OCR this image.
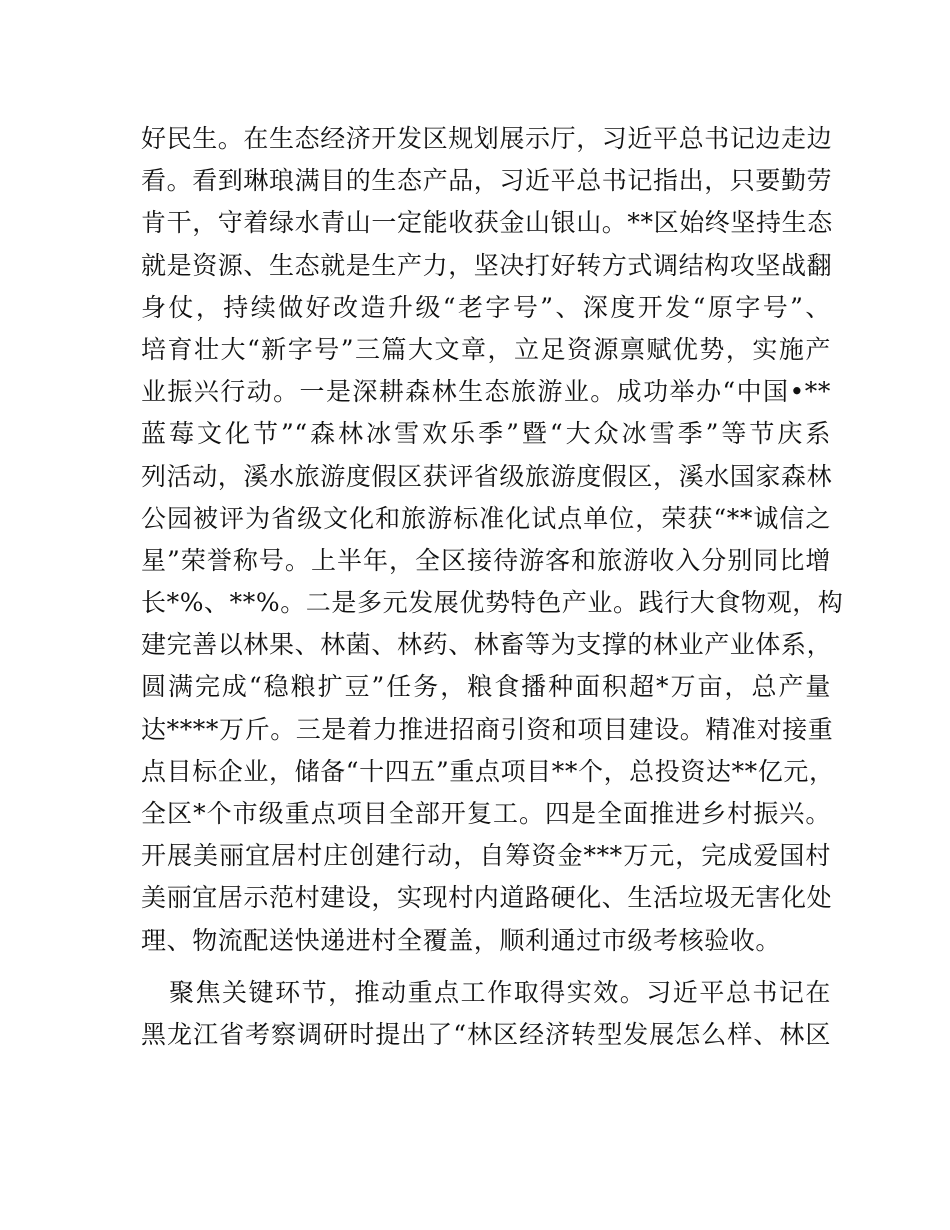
好民生。在生态经济开发区规划展示厅，习近平总书记边走边
看。看到琳琅满目的生态产品，习近平总书记指出，只要勤劳
肯干，守着绿水青山一定能收获金山银山。**区始终坚持生态
就是资源、生态就是生产力，坚决打好转方式调结构攻坚战翻
身仗，持续做好改造升级“老字号”、深度开发“原字号”、
培育壮大“新字号”三篇大文章，立足资源禀赋优势，实施产
业振兴行动。一是深耕森林生态旅游业。成功举办“中国•**
蓝莓文化节”“森林冰雪欢乐季”暨“大众冰雪季”等节庆系
列活动，溪水旅游度假区获评省级旅游度假区，溪水国家森林
公园被评为省级文化和旅游标准化试点单位，荣获“**诚信之
星”荣誉称号。上半年，全区接待游客和旅游收入分别同比增
长*%、**%。二是多元发展优势特色产业。践行大食物观，构
建完善以林果、林菌、林药、林畜等为支撑的林业产业体系，
圆满完成“稳粮扩豆”任务，粮食播种面积超*万亩，总产量
达****万斤。三是着力推进招商引资和项目建设。精准对接重
点目标企业，储备“十四五”重点项目**个，总投资达**亿元，
全区*个市级重点项目全部开复工。四是全面推进乡村振兴。
开展美丽宜居村庄创建行动，自筹资金***万元，完成爱国村
美丽宜居示范村建设，实现村内道路硬化、生活垃圾无害化处
理、物流配送快递进村全覆盖，顺利通过市级考核验收。
聚焦关键环节，推动重点工作取得实效。习近平总书记在
黑龙江省考察调研时提出了“林区经济转型发展怎么样、林区
